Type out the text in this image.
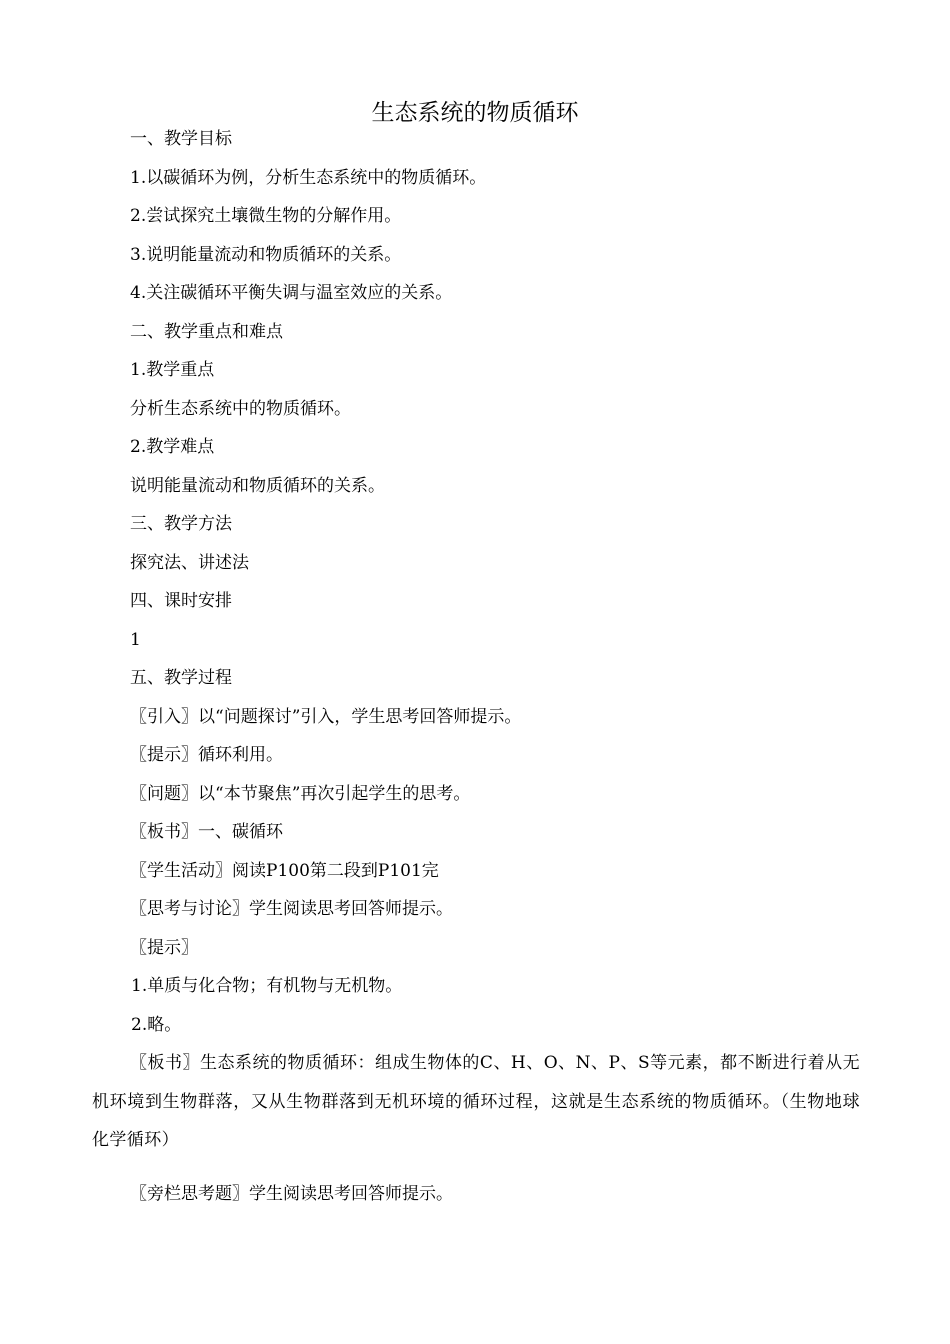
生态系统的物质循环

一、教学目标

1.以碳循环为例，分析生态系统中的物质循环。

2.尝试探究土壤微生物的分解作用。

3.说明能量流动和物质循环的关系。

4.关注碳循环平衡失调与温室效应的关系。

二、教学重点和难点

1.教学重点

分析生态系统中的物质循环。

2.教学难点

说明能量流动和物质循环的关系。

三、教学方法

探究法、讲述法

四、课时安排

1

五、教学过程

〖引入〗以“问题探讨”引入，学生思考回答师提示。

〖提示〗循环利用。

〖问题〗以“本节聚焦”再次引起学生的思考。

〖板书〗一、碳循环

〖学生活动〗阅读P100第二段到P101完

〖思考与讨论〗学生阅读思考回答师提示。

〖提示〗

1.单质与化合物；有机物与无机物。

2.略。

〖板书〗生态系统的物质循环：组成生物体的C、H、O、N、P、S等元素，都不断进行着从无机环境到生物群落，又从生物群落到无机环境的循环过程，这就是生态系统的物质循环。（生物地球化学循环）

〖旁栏思考题〗学生阅读思考回答师提示。
